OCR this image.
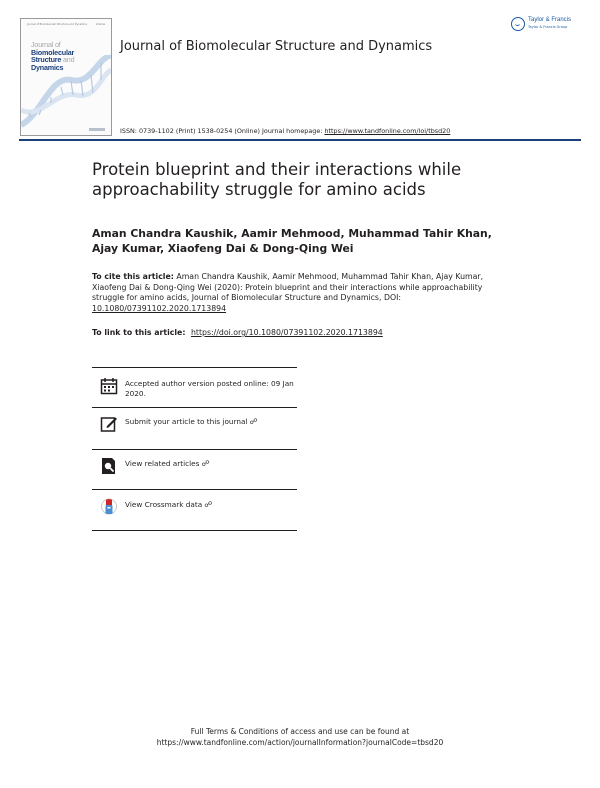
Journal of Biomolecular Structure and Dynamics	Volume
Journal of Biomolecular
Structure and Dynamics
Taylor & Francis
Taylor & Francis Group
Journal of Biomolecular Structure and Dynamics
ISSN: 0739-1102 (Print) 1538-0254 (Online) Journal homepage: https://www.tandfonline.com/loi/tbsd20
Protein blueprint and their interactions while approachability struggle for amino acids
Aman Chandra Kaushik, Aamir Mehmood, Muhammad Tahir Khan, Ajay Kumar, Xiaofeng Dai & Dong-Qing Wei
To cite this article: Aman Chandra Kaushik, Aamir Mehmood, Muhammad Tahir Khan, Ajay Kumar, Xiaofeng Dai & Dong-Qing Wei (2020): Protein blueprint and their interactions while approachability struggle for amino acids, Journal of Biomolecular Structure and Dynamics, DOI: 10.1080/07391102.2020.1713894
To link to this article: https://doi.org/10.1080/07391102.2020.1713894
Accepted author version posted online: 09 Jan 2020.
Submit your article to this journal ☍
View related articles ☍
View Crossmark data ☍
Full Terms & Conditions of access and use can be found at
https://www.tandfonline.com/action/journalInformation?journalCode=tbsd20
